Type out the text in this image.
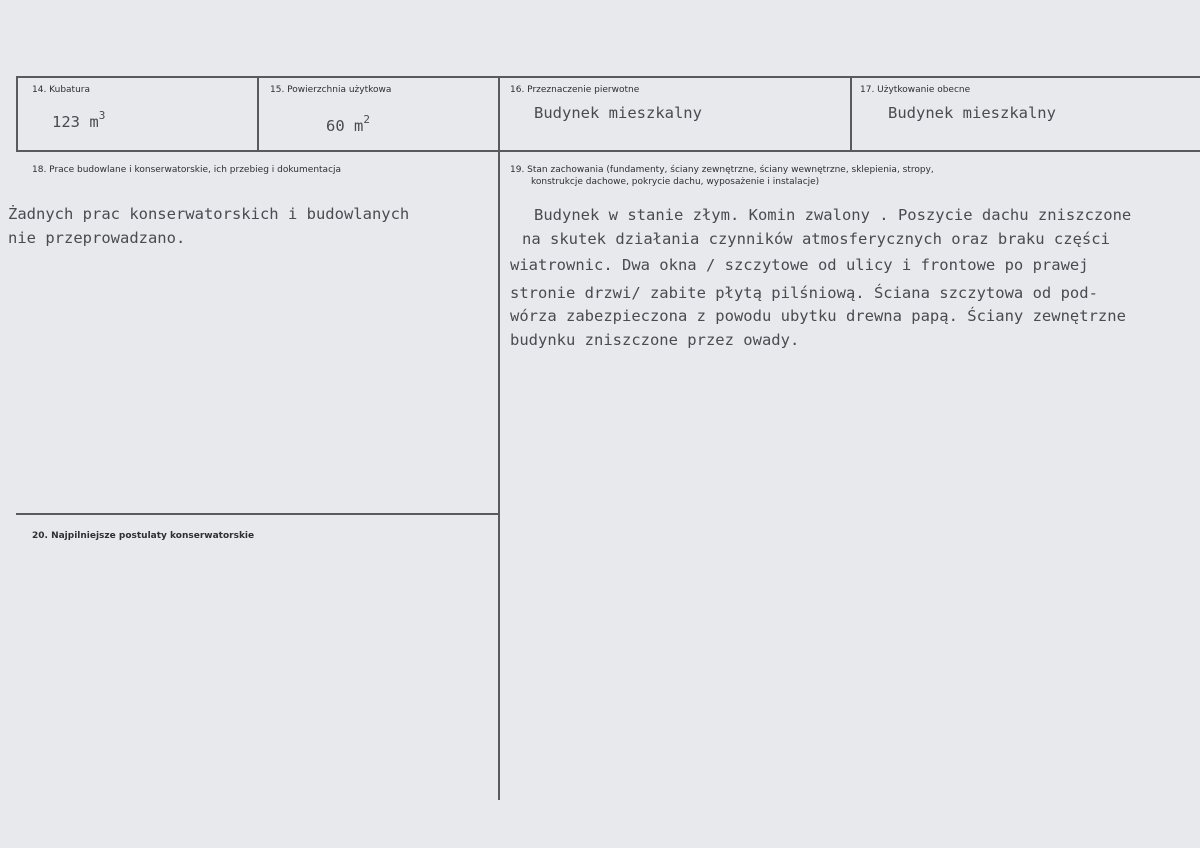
14. Kubatura
123 $m^3$
15. Powierzchnia użytkowa
60 $m^2$
16. Przeznaczenie pierwotne
Budynek mieszkalny
17. Użytkowanie obecne
Budynek mieszkalny
18. Prace budowlane i konserwatorskie, ich przebieg i dokumentacja
Żadnych prac konserwatorskich i budowlanych
nie przeprowadzano.
19. Stan zachowania (fundamenty, ściany zewnętrzne, ściany wewnętrzne, sklepienia, stropy,
konstrukcje dachowe, pokrycie dachu, wyposażenie i instalacje)
Budynek w stanie złym. Komin zwalony . Poszycie dachu zniszczone
na skutek działania czynników atmosferycznych oraz braku części
wiatrownic. Dwa okna / szczytowe od ulicy i frontowe po prawej
stronie drzwi/ zabite płytą pilśniową. Ściana szczytowa od pod-
wórza zabezpieczona z powodu ubytku drewna papą. Ściany zewnętrzne
budynku zniszczone przez owady.
20. Najpilniejsze postulaty konserwatorskie
